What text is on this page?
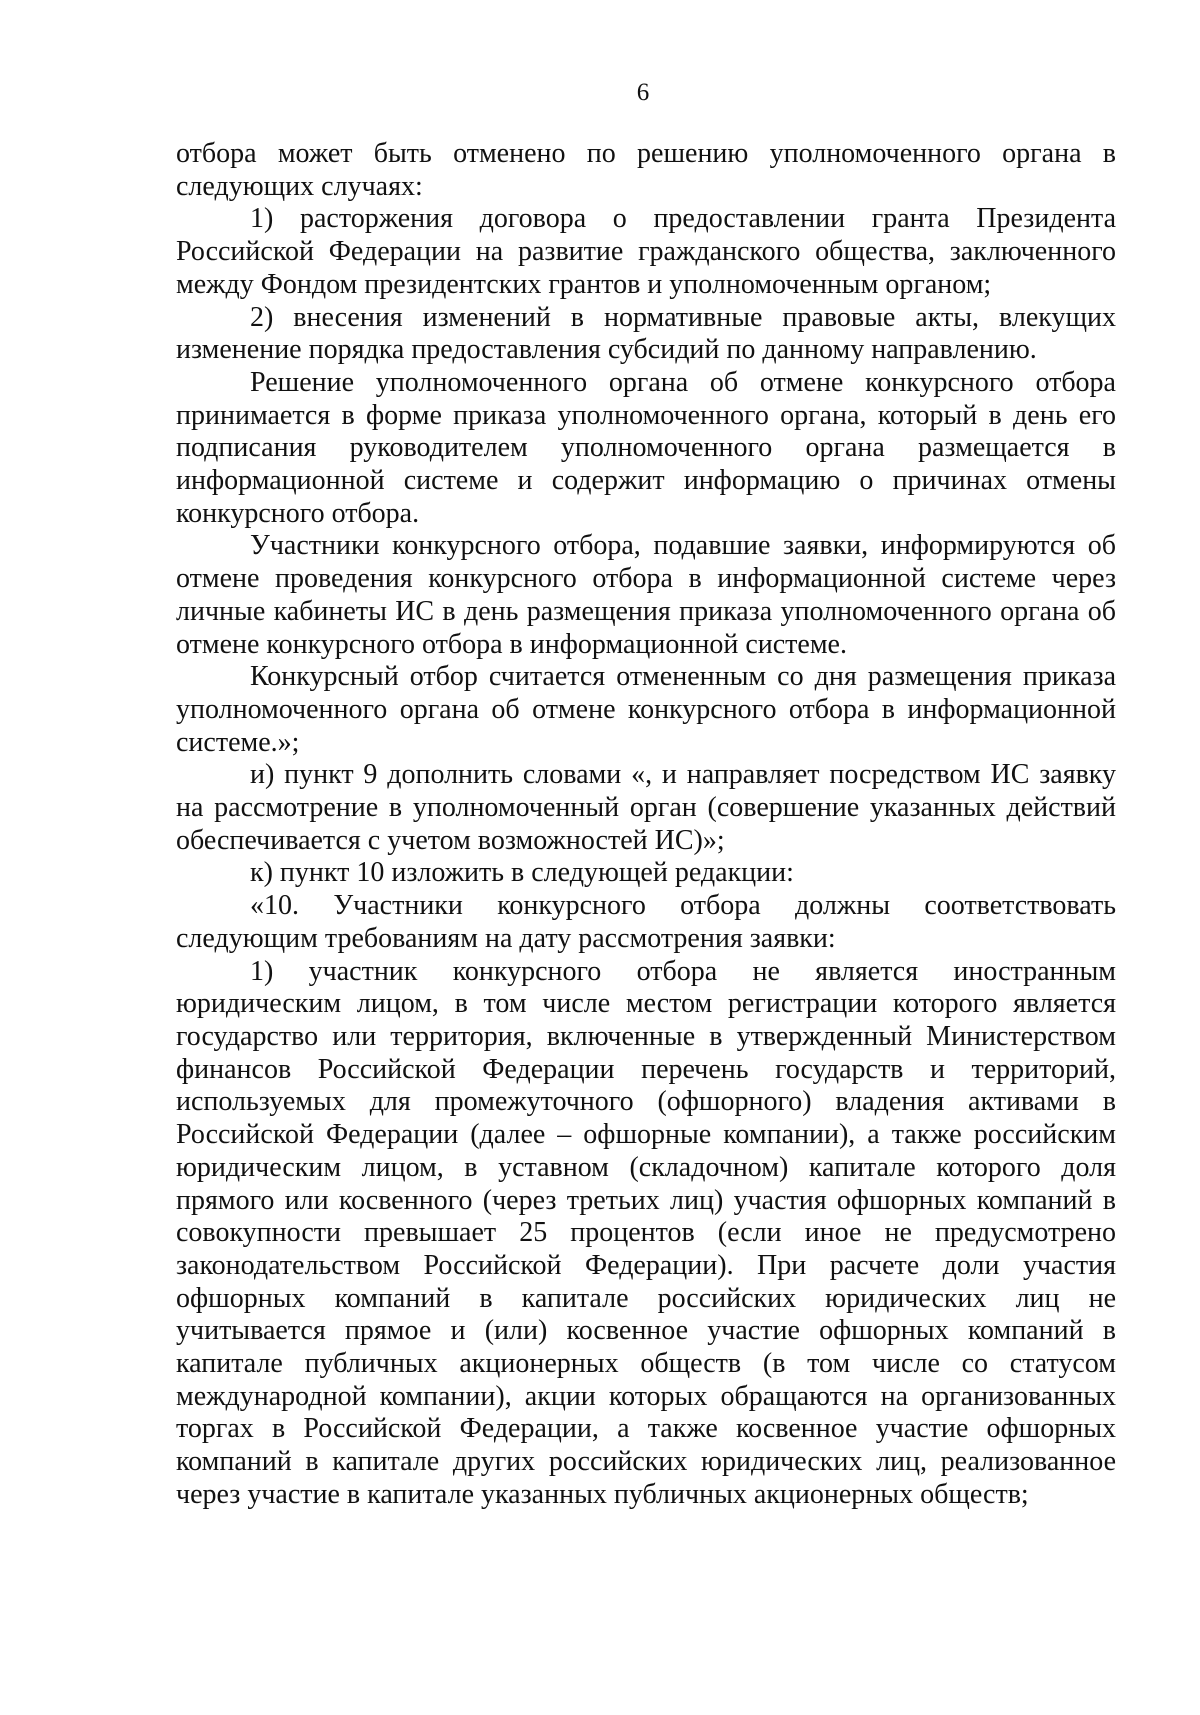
6

отбора может быть отменено по решению уполномоченного органа в следующих случаях:

1) расторжения договора о предоставлении гранта Президента Российской Федерации на развитие гражданского общества, заключенного между Фондом президентских грантов и уполномоченным органом;

2) внесения изменений в нормативные правовые акты, влекущих изменение порядка предоставления субсидий по данному направлению.

Решение уполномоченного органа об отмене конкурсного отбора принимается в форме приказа уполномоченного органа, который в день его подписания руководителем уполномоченного органа размещается в информационной системе и содержит информацию о причинах отмены конкурсного отбора.

Участники конкурсного отбора, подавшие заявки, информируются об отмене проведения конкурсного отбора в информационной системе через личные кабинеты ИС в день размещения приказа уполномоченного органа об отмене конкурсного отбора в информационной системе.

Конкурсный отбор считается отмененным со дня размещения приказа уполномоченного органа об отмене конкурсного отбора в информационной системе.»;

и) пункт 9 дополнить словами «, и направляет посредством ИС заявку на рассмотрение в уполномоченный орган (совершение указанных действий обеспечивается с учетом возможностей ИС)»;

к) пункт 10 изложить в следующей редакции:

«10. Участники конкурсного отбора должны соответствовать следующим требованиям на дату рассмотрения заявки:

1) участник конкурсного отбора не является иностранным юридическим лицом, в том числе местом регистрации которого является государство или территория, включенные в утвержденный Министерством финансов Российской Федерации перечень государств и территорий, используемых для промежуточного (офшорного) владения активами в Российской Федерации (далее – офшорные компании), а также российским юридическим лицом, в уставном (складочном) капитале которого доля прямого или косвенного (через третьих лиц) участия офшорных компаний в совокупности превышает 25 процентов (если иное не предусмотрено законодательством Российской Федерации). При расчете доли участия офшорных компаний в капитале российских юридических лиц не учитывается прямое и (или) косвенное участие офшорных компаний в капитале публичных акционерных обществ (в том числе со статусом международной компании), акции которых обращаются на организованных торгах в Российской Федерации, а также косвенное участие офшорных компаний в капитале других российских юридических лиц, реализованное через участие в капитале указанных публичных акционерных обществ;
